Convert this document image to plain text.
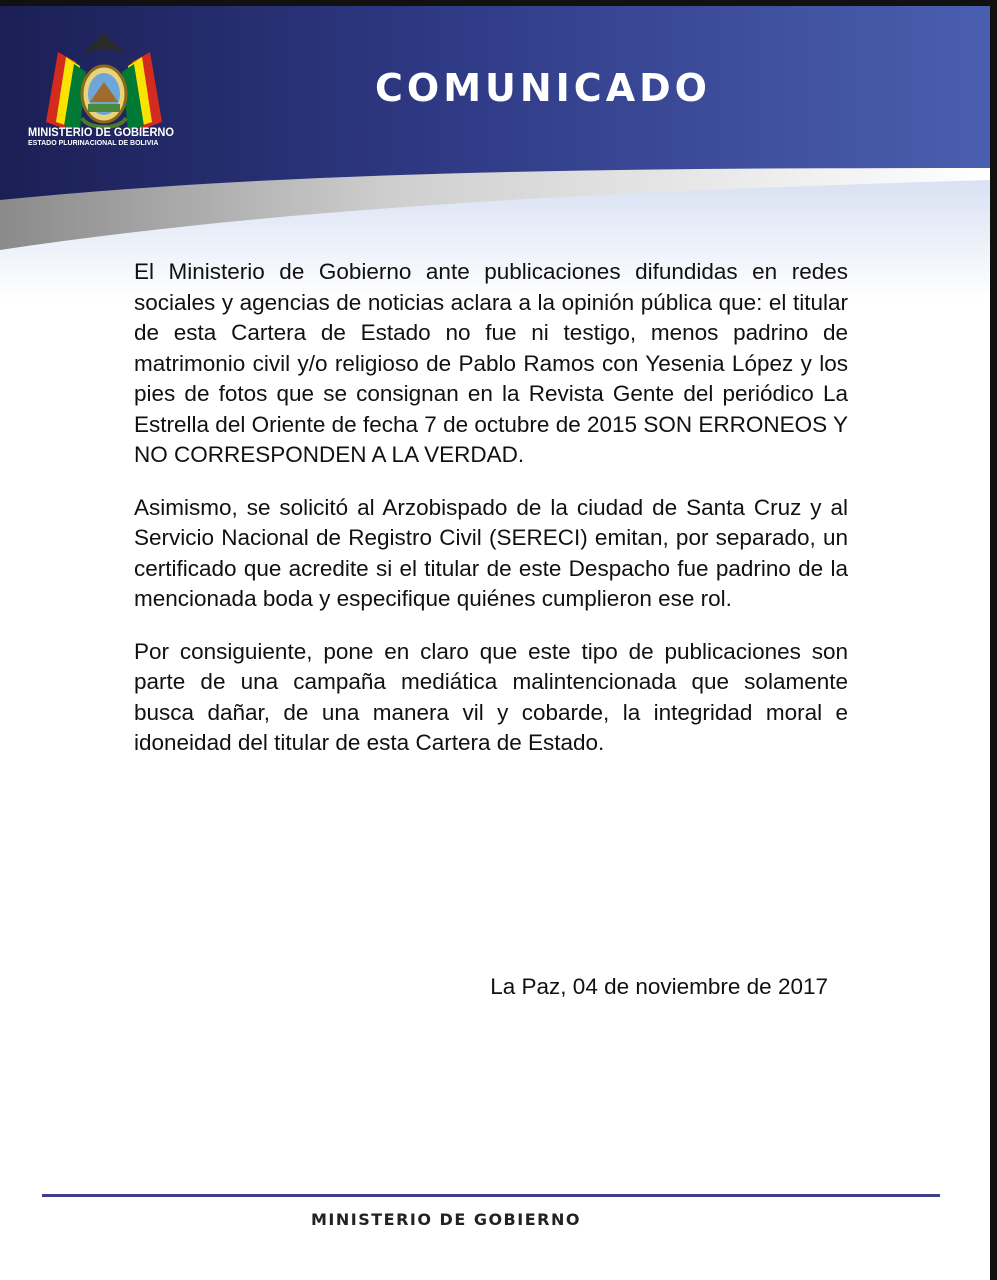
MINISTERIO DE GOBIERNO
ESTADO PLURINACIONAL DE BOLIVIA
COMUNICADO

El Ministerio de Gobierno ante publicaciones difundidas en redes sociales y agencias de noticias aclara a la opinión pública que: el titular de esta Cartera de Estado no fue ni testigo, menos padrino de matrimonio civil y/o religioso de Pablo Ramos con Yesenia López y los pies de fotos que se consignan en la Revista Gente del periódico La Estrella del Oriente de fecha 7 de octubre de 2015 SON ERRONEOS Y NO CORRESPONDEN A LA VERDAD.

Asimismo, se solicitó al Arzobispado de la ciudad de Santa Cruz y al Servicio Nacional de Registro Civil (SERECI) emitan, por separado, un certificado que acredite si el titular de este Despacho fue padrino de la mencionada boda y especifique quiénes cumplieron ese rol.

Por consiguiente, pone en claro que este tipo de publicaciones son parte de una campaña mediática malintencionada que solamente busca dañar, de una manera vil y cobarde, la integridad moral e idoneidad del titular de esta Cartera de Estado.

La Paz, 04 de noviembre de 2017
MINISTERIO DE GOBIERNO
